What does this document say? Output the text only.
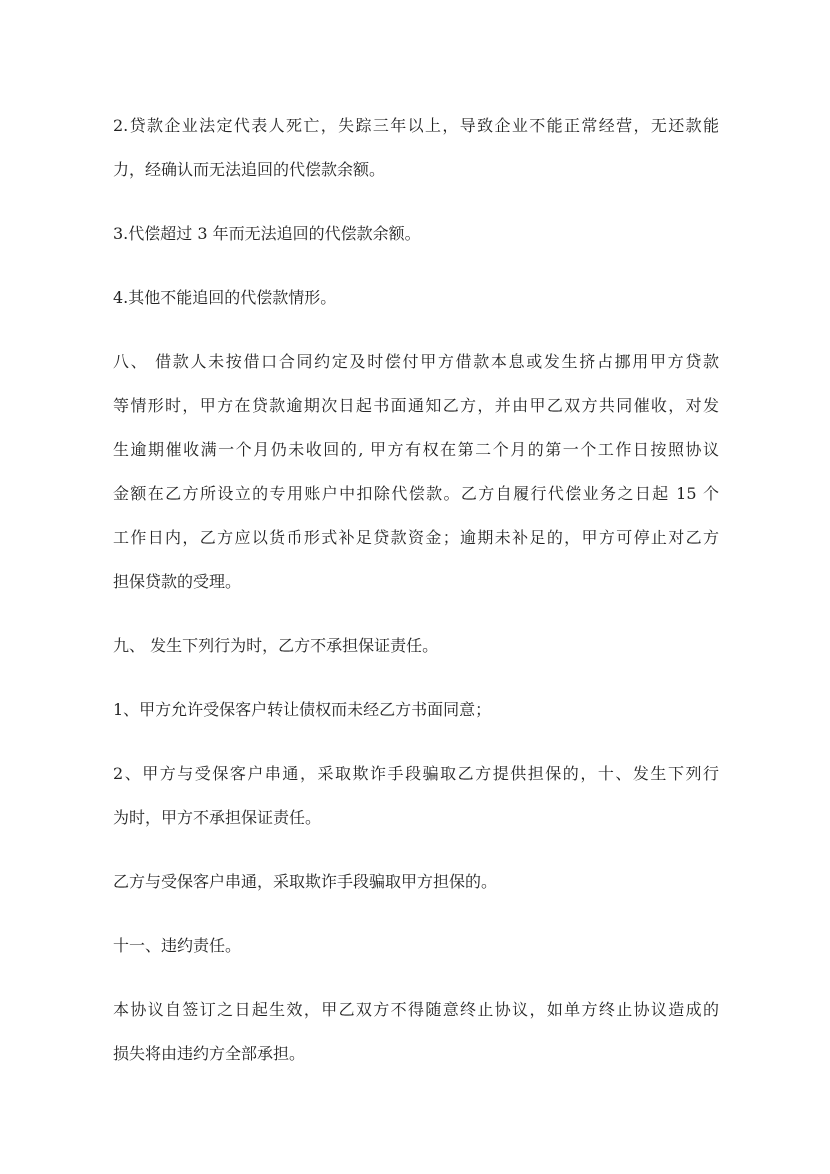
2.贷款企业法定代表人死亡，失踪三年以上，导致企业不能正常经营，无还款能
力，经确认而无法追回的代偿款余额。
3.代偿超过 3 年而无法追回的代偿款余额。
4.其他不能追回的代偿款情形。
八、 借款人未按借口合同约定及时偿付甲方借款本息或发生挤占挪用甲方贷款
等情形时，甲方在贷款逾期次日起书面通知乙方，并由甲乙双方共同催收，对发
生逾期催收满一个月仍未收回的, 甲方有权在第二个月的第一个工作日按照协议
金额在乙方所设立的专用账户中扣除代偿款。乙方自履行代偿业务之日起 15 个
工作日内，乙方应以货币形式补足贷款资金；逾期未补足的，甲方可停止对乙方
担保贷款的受理。
九、 发生下列行为时，乙方不承担保证责任。
1、甲方允许受保客户转让债权而未经乙方书面同意；
2、甲方与受保客户串通，采取欺诈手段骗取乙方提供担保的，十、发生下列行
为时，甲方不承担保证责任。
乙方与受保客户串通，采取欺诈手段骗取甲方担保的。
十一、违约责任。
本协议自签订之日起生效，甲乙双方不得随意终止协议，如单方终止协议造成的
损失将由违约方全部承担。
